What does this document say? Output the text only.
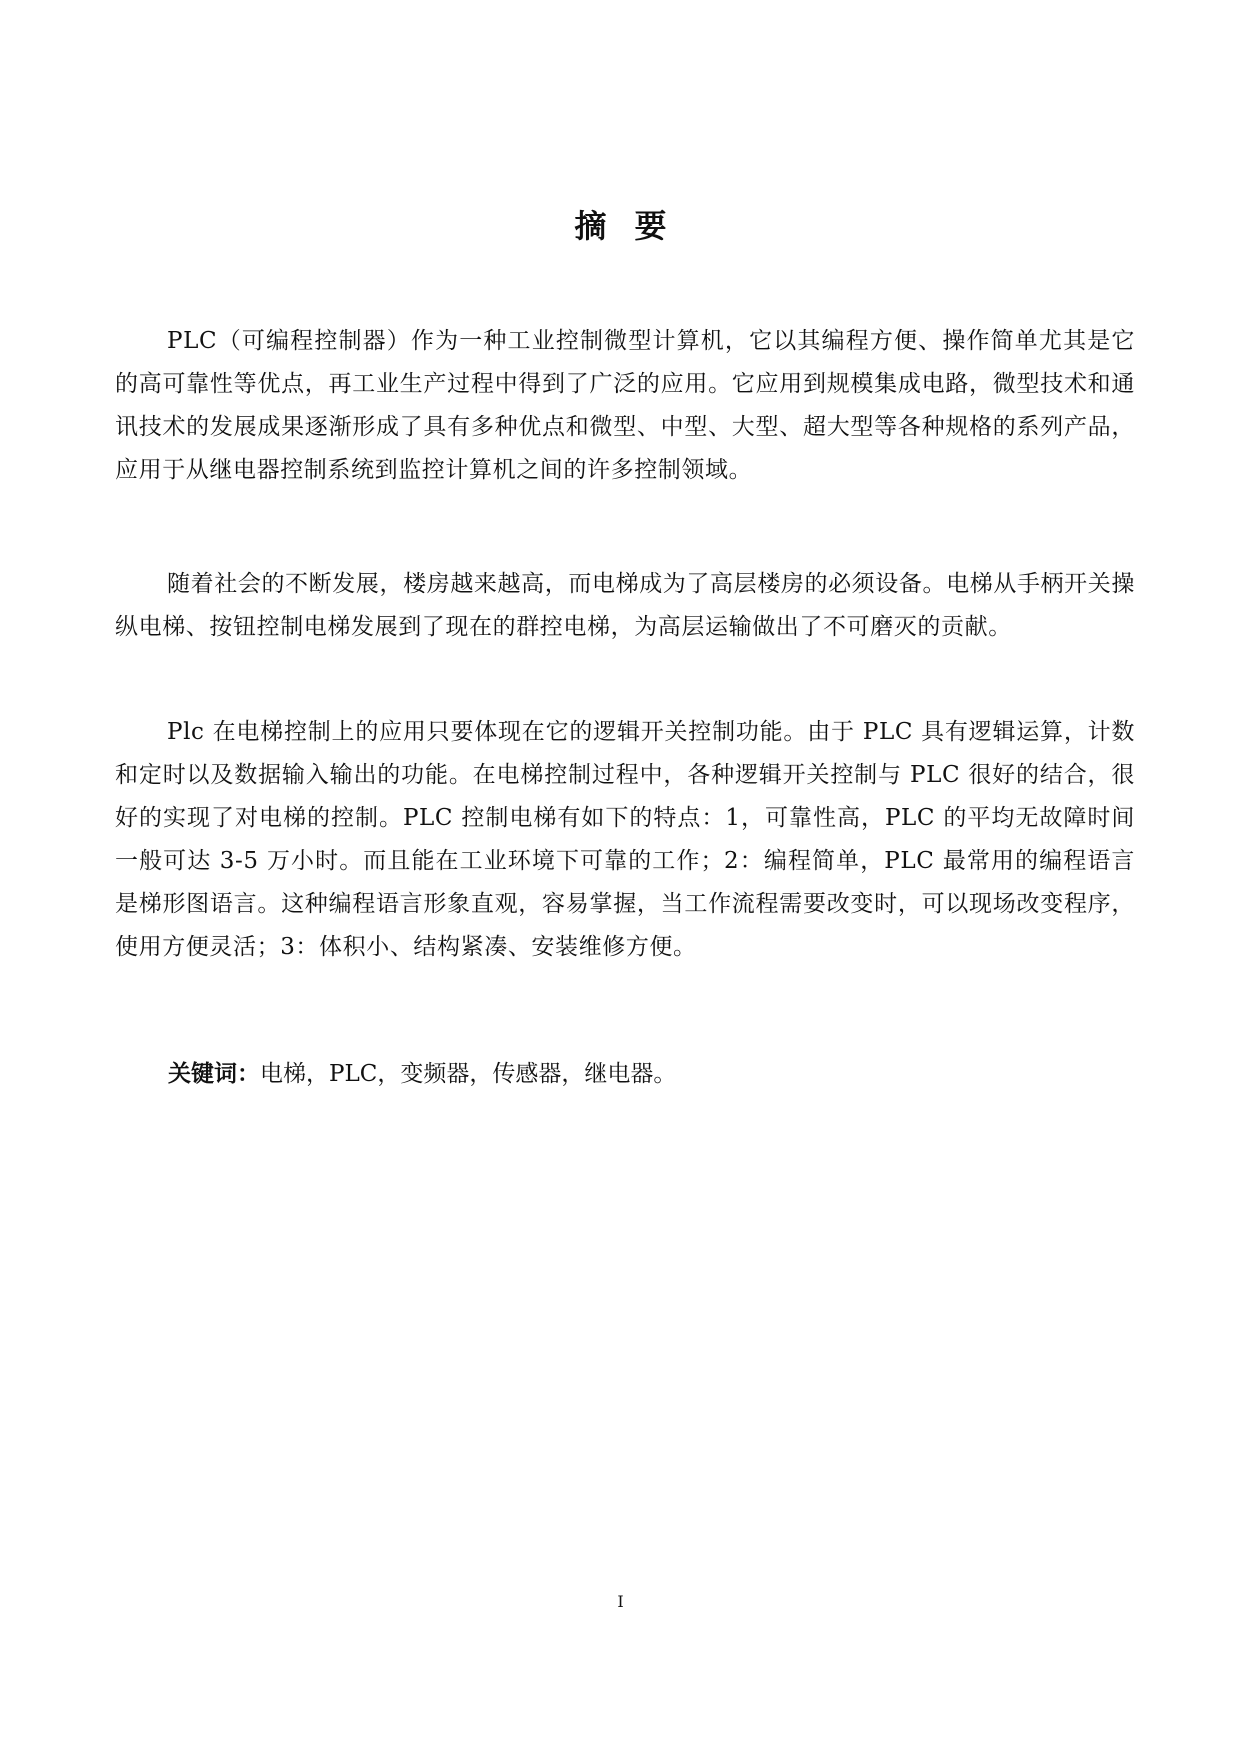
摘要

PLC（可编程控制器）作为一种工业控制微型计算机，它以其编程方便、操作简单尤其是它的高可靠性等优点，再工业生产过程中得到了广泛的应用。它应用到规模集成电路，微型技术和通讯技术的发展成果逐渐形成了具有多种优点和微型、中型、大型、超大型等各种规格的系列产品，应用于从继电器控制系统到监控计算机之间的许多控制领域。

随着社会的不断发展，楼房越来越高，而电梯成为了高层楼房的必须设备。电梯从手柄开关操纵电梯、按钮控制电梯发展到了现在的群控电梯，为高层运输做出了不可磨灭的贡献。

Plc 在电梯控制上的应用只要体现在它的逻辑开关控制功能。由于 PLC 具有逻辑运算，计数和定时以及数据输入输出的功能。在电梯控制过程中，各种逻辑开关控制与 PLC 很好的结合，很好的实现了对电梯的控制。PLC 控制电梯有如下的特点：1，可靠性高，PLC 的平均无故障时间一般可达 3-5 万小时。而且能在工业环境下可靠的工作；2：编程简单，PLC 最常用的编程语言是梯形图语言。这种编程语言形象直观，容易掌握，当工作流程需要改变时，可以现场改变程序，使用方便灵活；3：体积小、结构紧凑、安装维修方便。

关键词：电梯，PLC，变频器，传感器，继电器。

I
